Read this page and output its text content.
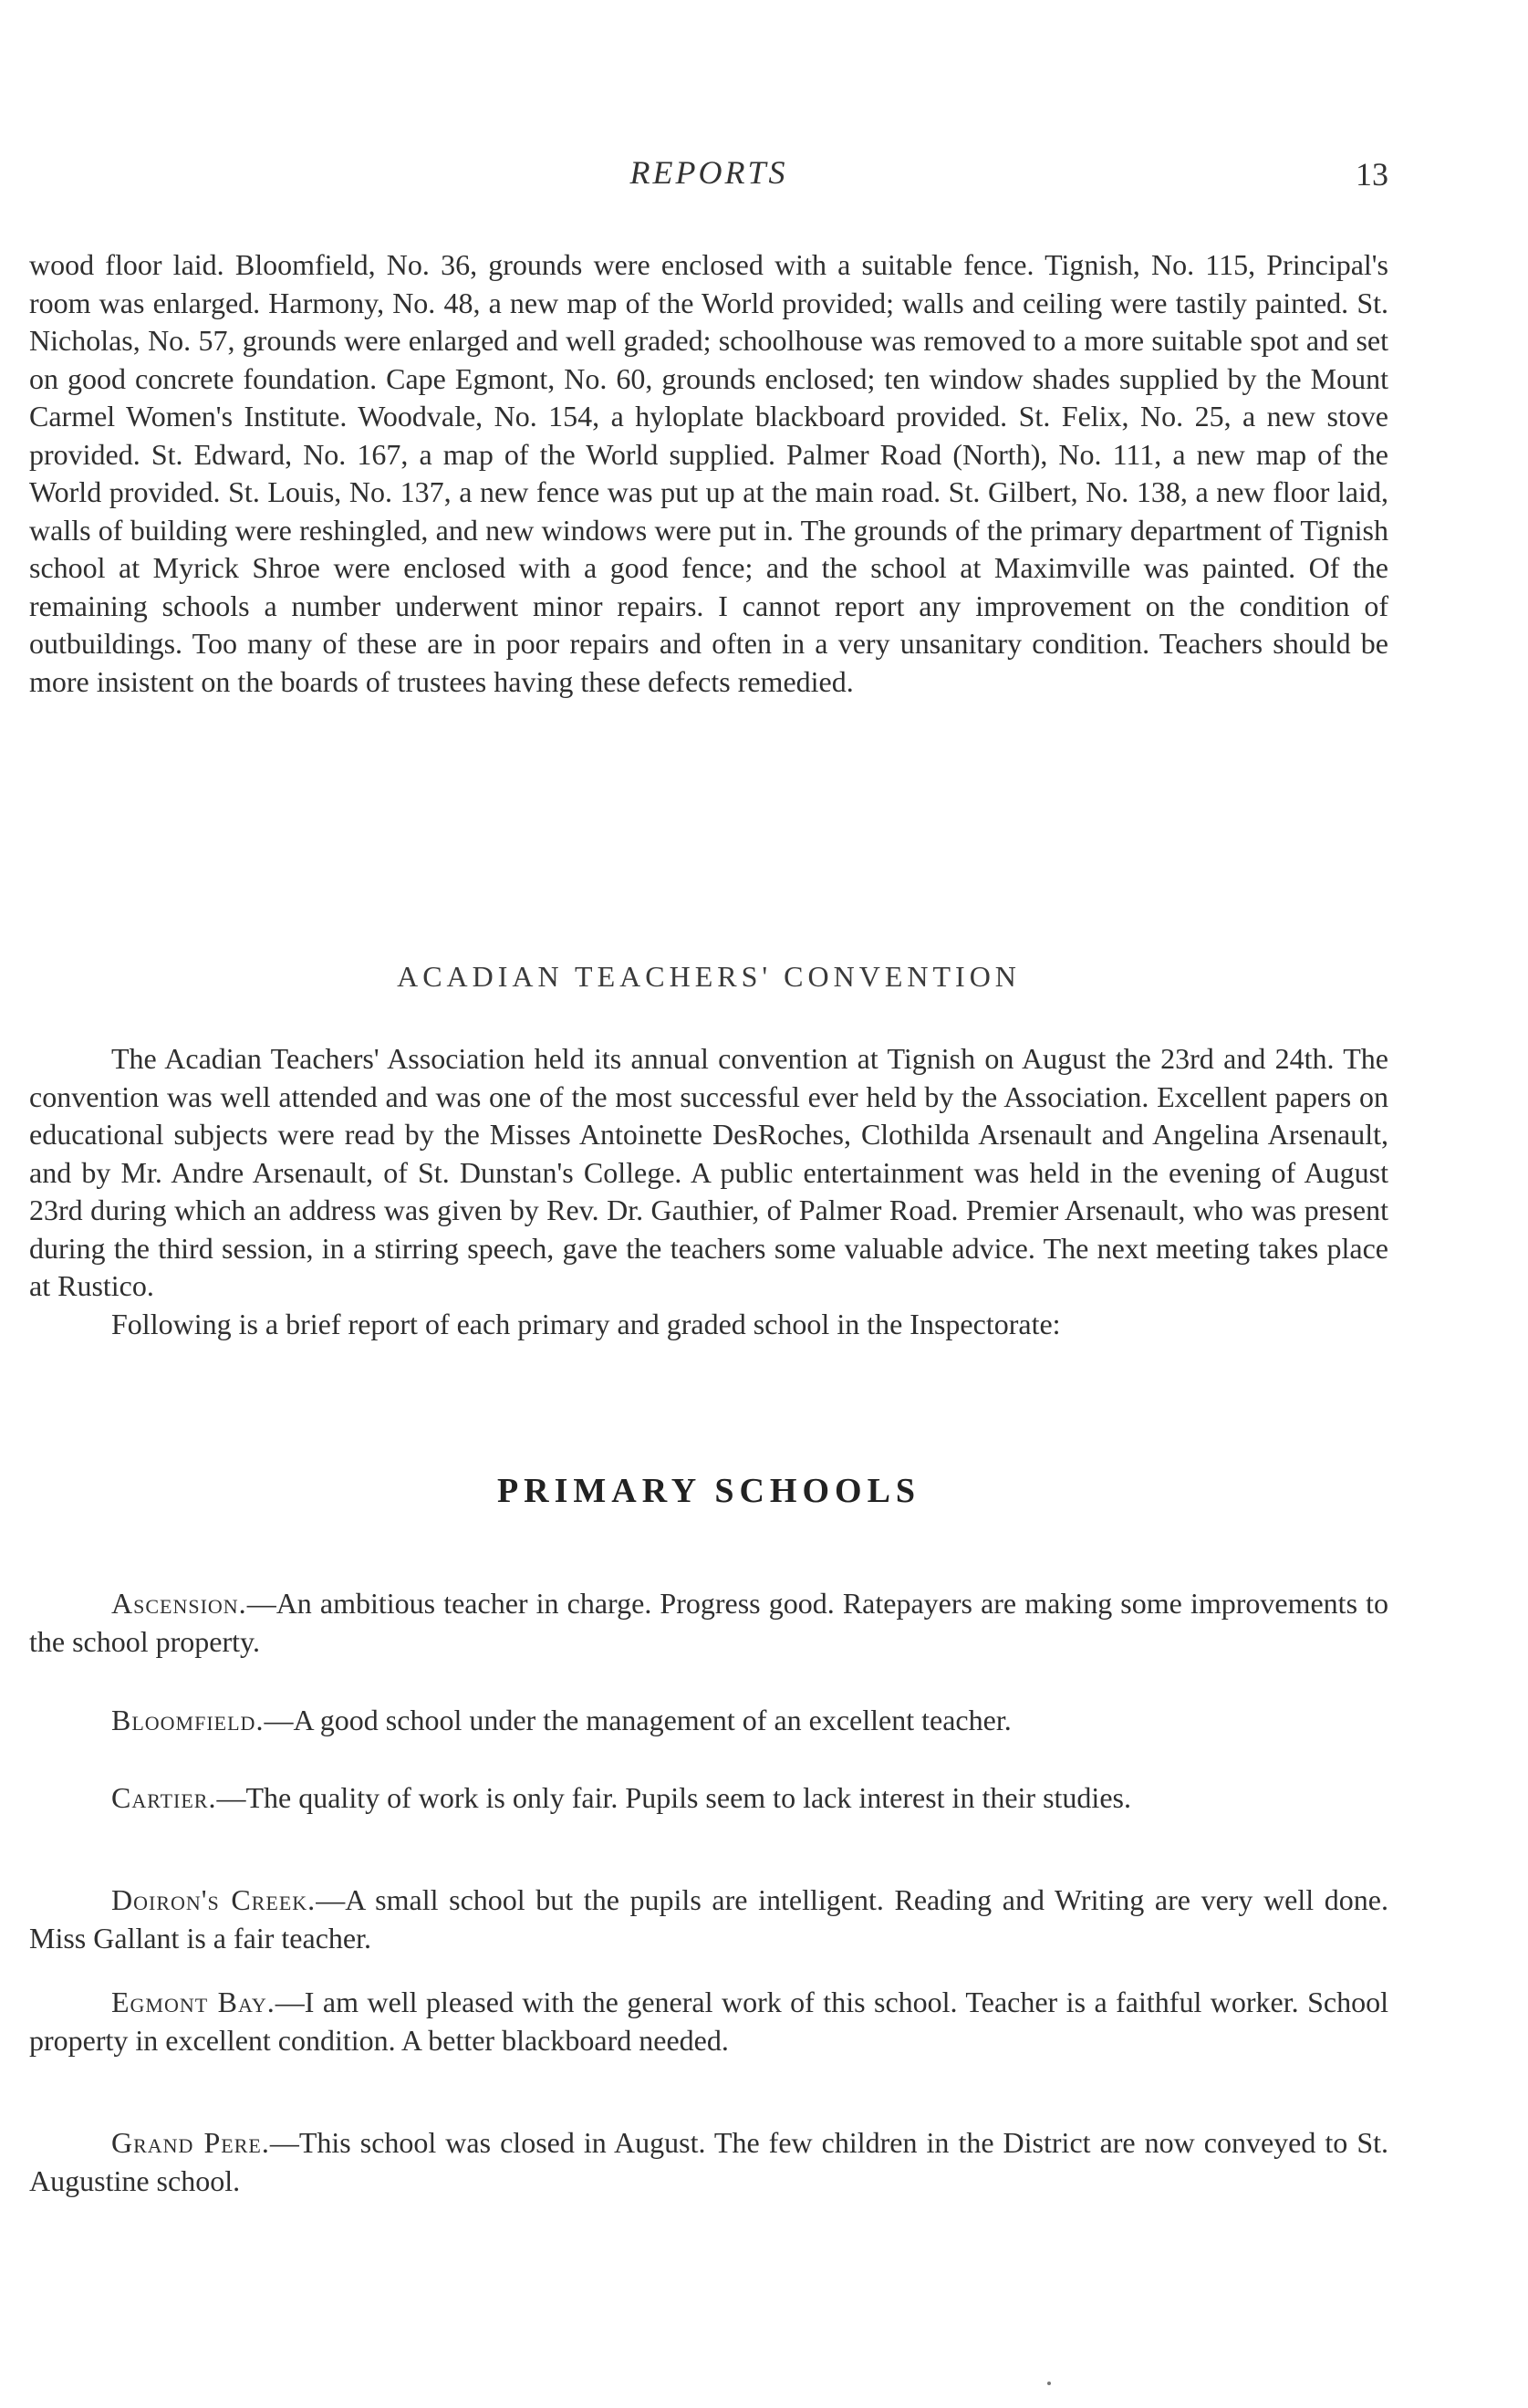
REPORTS	13

wood floor laid. Bloomfield, No. 36, grounds were enclosed with a suitable fence. Tignish, No. 115, Principal's room was enlarged. Harmony, No. 48, a new map of the World provided; walls and ceiling were tastily painted. St. Nicholas, No. 57, grounds were enlarged and well graded; schoolhouse was removed to a more suitable spot and set on good concrete foundation. Cape Egmont, No. 60, grounds enclosed; ten window shades supplied by the Mount Carmel Women's Institute. Woodvale, No. 154, a hyloplate blackboard provided. St. Felix, No. 25, a new stove provided. St. Edward, No. 167, a map of the World supplied. Palmer Road (North), No. 111, a new map of the World provided. St. Louis, No. 137, a new fence was put up at the main road. St. Gilbert, No. 138, a new floor laid, walls of building were reshingled, and new windows were put in. The grounds of the primary department of Tignish school at Myrick Shroe were enclosed with a good fence; and the school at Maximville was painted. Of the remaining schools a number underwent minor repairs. I cannot report any improvement on the condition of outbuildings. Too many of these are in poor repairs and often in a very unsanitary condition. Teachers should be more insistent on the boards of trustees having these defects remedied.

ACADIAN TEACHERS' CONVENTION

The Acadian Teachers' Association held its annual convention at Tignish on August the 23rd and 24th. The convention was well attended and was one of the most successful ever held by the Association. Excellent papers on educational subjects were read by the Misses Antoinette DesRoches, Clothilda Arsenault and Angelina Arsenault, and by Mr. Andre Arsenault, of St. Dunstan's College. A public entertainment was held in the evening of August 23rd during which an address was given by Rev. Dr. Gauthier, of Palmer Road. Premier Arsenault, who was present during the third session, in a stirring speech, gave the teachers some valuable advice. The next meeting takes place at Rustico.

Following is a brief report of each primary and graded school in the Inspectorate:

PRIMARY SCHOOLS

Ascension.—An ambitious teacher in charge. Progress good. Ratepayers are making some improvements to the school property.

Bloomfield.—A good school under the management of an excellent teacher.

Cartier.—The quality of work is only fair. Pupils seem to lack interest in their studies.

Doiron's Creek.—A small school but the pupils are intelligent. Reading and Writing are very well done. Miss Gallant is a fair teacher.

Egmont Bay.—I am well pleased with the general work of this school. Teacher is a faithful worker. School property in excellent condition. A better blackboard needed.

Grand Pere.—This school was closed in August. The few children in the District are now conveyed to St. Augustine school.
